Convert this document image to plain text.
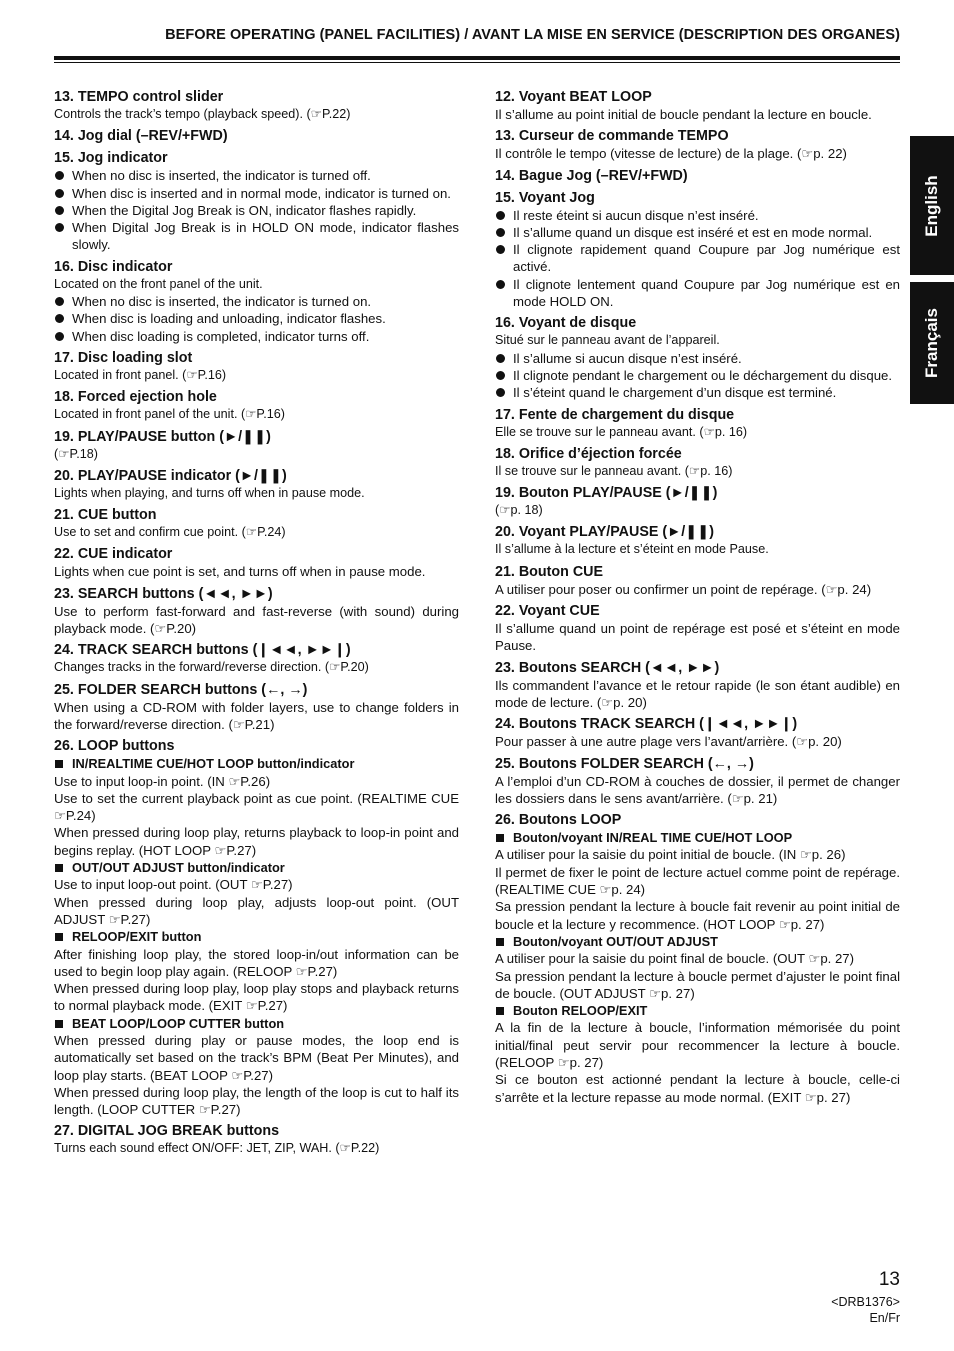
BEFORE OPERATING (PANEL FACILITIES) / AVANT LA MISE EN SERVICE (DESCRIPTION DES ORGANES)
13. TEMPO control slider
Controls the track’s tempo (playback speed). (☞P.22)
14. Jog dial (–REV/+FWD)
15. Jog indicator
When no disc is inserted, the indicator is turned off.
When disc is inserted and in normal mode, indicator is turned on.
When the Digital Jog Break is ON, indicator flashes rapidly.
When Digital Jog Break is in HOLD ON mode, indicator flashes slowly.
16. Disc indicator
Located on the front panel of the unit.
When no disc is inserted, the indicator is turned on.
When disc is loading and unloading, indicator flashes.
When disc loading is completed, indicator turns off.
17. Disc loading slot
Located in front panel. (☞P.16)
18. Forced ejection hole
Located in front panel of the unit. (☞P.16)
19. PLAY/PAUSE button (►/❚❚)
(☞P.18)
20. PLAY/PAUSE indicator (►/❚❚)
Lights when playing, and turns off when in pause mode.
21. CUE button
Use to set and confirm cue point. (☞P.24)
22. CUE indicator
Lights when cue point is set, and turns off when in pause mode.
23. SEARCH buttons (◄◄, ►►)
Use to perform fast-forward and fast-reverse (with sound) during playback mode. (☞P.20)
24. TRACK SEARCH buttons (❙◄◄, ►►❙)
Changes tracks in the forward/reverse direction. (☞P.20)
25. FOLDER SEARCH buttons (←, →)
When using a CD-ROM with folder layers, use to change folders in the forward/reverse direction. (☞P.21)
26. LOOP buttons
IN/REALTIME CUE/HOT LOOP button/indicator
Use to input loop-in point. (IN ☞P.26)
Use to set the current playback point as cue point. (REALTIME CUE ☞P.24)
When pressed during loop play, returns playback to loop-in point and begins replay. (HOT LOOP ☞P.27)
OUT/OUT ADJUST button/indicator
Use to input loop-out point. (OUT ☞P.27)
When pressed during loop play, adjusts loop-out point. (OUT ADJUST ☞P.27)
RELOOP/EXIT button
After finishing loop play, the stored loop-in/out information can be used to begin loop play again. (RELOOP ☞P.27)
When pressed during loop play, loop play stops and playback returns to normal playback mode. (EXIT ☞P.27)
BEAT LOOP/LOOP CUTTER button
When pressed during play or pause modes, the loop end is automatically set based on the track’s BPM (Beat Per Minutes), and loop play starts. (BEAT LOOP ☞P.27)
When pressed during loop play, the length of the loop is cut to half its length. (LOOP CUTTER ☞P.27)
27. DIGITAL JOG BREAK buttons
Turns each sound effect ON/OFF: JET, ZIP, WAH. (☞P.22)
12. Voyant BEAT LOOP
Il s’allume au point initial de boucle pendant la lecture en boucle.
13. Curseur de commande TEMPO
Il contrôle le tempo (vitesse de lecture) de la plage. (☞p. 22)
14. Bague Jog (–REV/+FWD)
15. Voyant Jog
Il reste éteint si aucun disque n’est inséré.
Il s’allume quand un disque est inséré et est en mode normal.
Il clignote rapidement quand Coupure par Jog numérique est activé.
Il clignote lentement quand Coupure par Jog numérique est en mode HOLD ON.
16. Voyant de disque
Situé sur le panneau avant de l’appareil.
Il s’allume si aucun disque n’est inséré.
Il clignote pendant le chargement ou le déchargement du disque.
Il s’éteint quand le chargement d’un disque est terminé.
17. Fente de chargement du disque
Elle se trouve sur le panneau avant. (☞p. 16)
18. Orifice d’éjection forcée
Il se trouve sur le panneau avant. (☞p. 16)
19. Bouton PLAY/PAUSE (►/❚❚)
(☞p. 18)
20. Voyant PLAY/PAUSE (►/❚❚)
Il s’allume à la lecture et s’éteint en mode Pause.
21. Bouton CUE
A utiliser pour poser ou confirmer un point de repérage. (☞p. 24)
22. Voyant CUE
Il s’allume quand un point de repérage est posé et s’éteint en mode Pause.
23. Boutons SEARCH (◄◄, ►►)
Ils commandent l’avance et le retour rapide (le son étant audible) en mode de lecture. (☞p. 20)
24. Boutons TRACK SEARCH (❙◄◄, ►►❙)
Pour passer à une autre plage vers l’avant/arrière. (☞p. 20)
25. Boutons FOLDER SEARCH (←, →)
A l’emploi d’un CD-ROM à couches de dossier, il permet de changer les dossiers dans le sens avant/arrière. (☞p. 21)
26. Boutons LOOP
Bouton/voyant IN/REAL TIME CUE/HOT LOOP
A utiliser pour la saisie du point initial de boucle. (IN ☞p. 26)
Il permet de fixer le point de lecture actuel comme point de repérage. (REALTIME CUE ☞p. 24)
Sa pression pendant la lecture à boucle fait revenir au point initial de boucle et la lecture y recommence. (HOT LOOP ☞p. 27)
Bouton/voyant OUT/OUT ADJUST
A utiliser pour la saisie du point final de boucle. (OUT ☞p. 27)
Sa pression pendant la lecture à boucle permet d’ajuster le point final de boucle. (OUT ADJUST ☞p. 27)
Bouton RELOOP/EXIT
A la fin de la lecture à boucle, l’information mémorisée du point initial/final peut servir pour recommencer la lecture à boucle. (RELOOP ☞p. 27)
Si ce bouton est actionné pendant la lecture à boucle, celle-ci s’arrête et la lecture repasse au mode normal. (EXIT ☞p. 27)
English
Français
13
<DRB1376>
En/Fr
